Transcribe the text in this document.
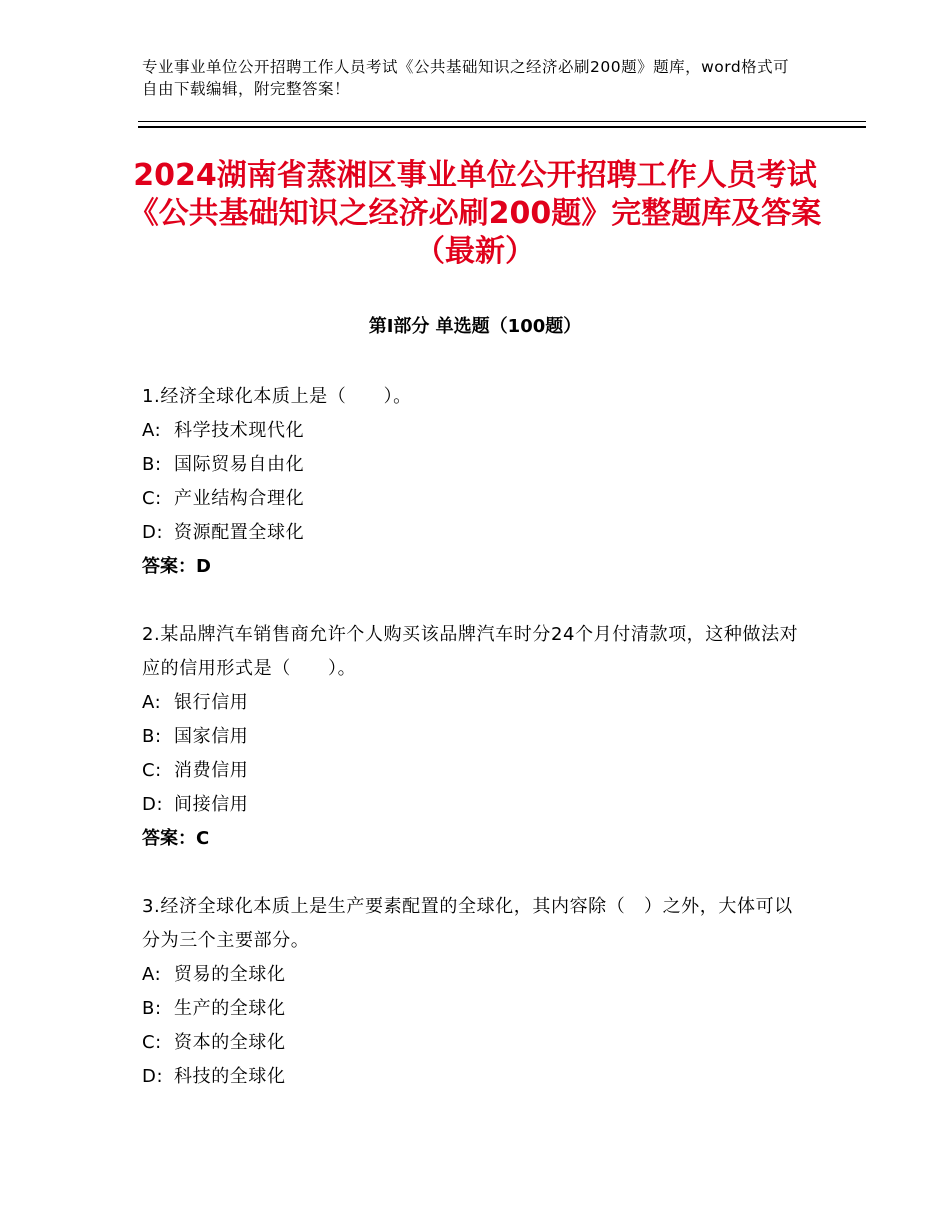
专业事业单位公开招聘工作人员考试《公共基础知识之经济必刷200题》题库，word格式可自由下载编辑，附完整答案！
2024湖南省蒸湘区事业单位公开招聘工作人员考试《公共基础知识之经济必刷200题》完整题库及答案（最新）
第I部分 单选题（100题）
1.经济全球化本质上是（　　）。
A: 科学技术现代化
B: 国际贸易自由化
C: 产业结构合理化
D: 资源配置全球化
答案：D
2.某品牌汽车销售商允许个人购买该品牌汽车时分24个月付清款项，这种做法对应的信用形式是（　　）。
A: 银行信用
B: 国家信用
C: 消费信用
D: 间接信用
答案：C
3.经济全球化本质上是生产要素配置的全球化，其内容除（　）之外，大体可以分为三个主要部分。
A: 贸易的全球化
B: 生产的全球化
C: 资本的全球化
D: 科技的全球化
